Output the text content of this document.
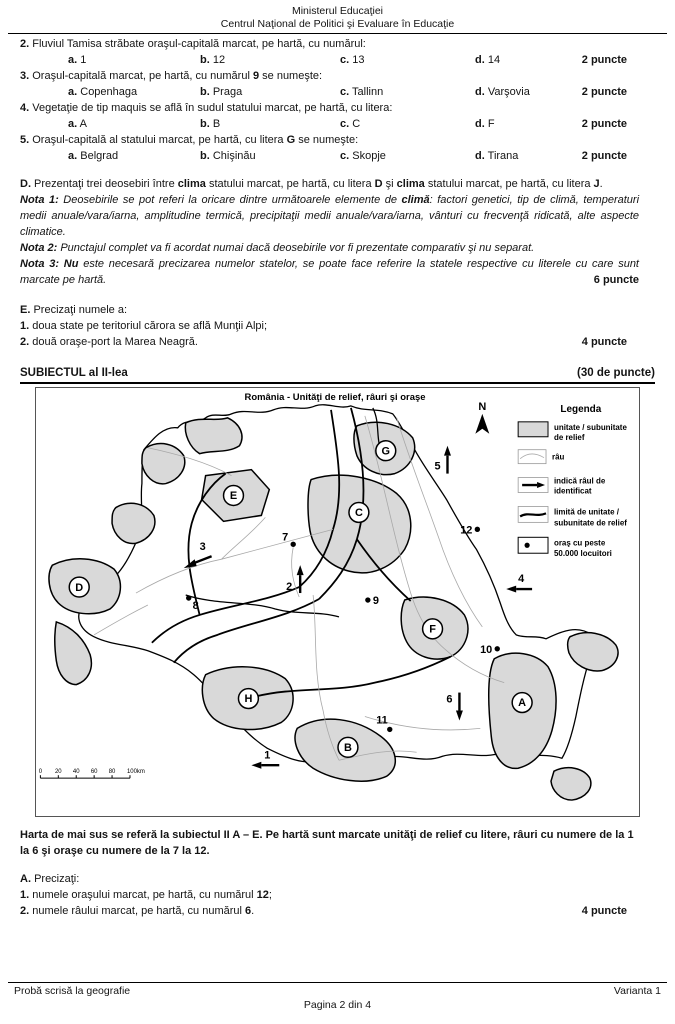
Ministerul Educaţiei
Centrul Naţional de Politici şi Evaluare în Educaţie
2. Fluviul Tamisa străbate oraşul-capitală marcat, pe hartă, cu numărul:
a. 1	b. 12	c. 13	d. 14	2 puncte
3. Oraşul-capitală marcat, pe hartă, cu numărul 9 se numeşte:
a. Copenhaga	b. Praga	c. Tallinn	d. Varşovia	2 puncte
4. Vegetaţie de tip maquis se află în sudul statului marcat, pe hartă, cu litera:
a. A	b. B	c. C	d. F	2 puncte
5. Oraşul-capitală al statului marcat, pe hartă, cu litera G se numeşte:
a. Belgrad	b. Chişinău	c. Skopje	d. Tirana	2 puncte

D. Prezentaţi trei deosebiri între clima statului marcat, pe hartă, cu litera D şi clima statului marcat, pe hartă, cu litera J.

Nota 1: Deosebirile se pot referi la oricare dintre următoarele elemente de climă: factori genetici, tip de climă, temperaturi medii anuale/vara/iarna, amplitudine termică, precipitaţii medii anuale/vara/iarna, vânturi cu frecvenţă ridicată, alte aspecte climatice.

Nota 2: Punctajul complet va fi acordat numai dacă deosebirile vor fi prezentate comparativ şi nu separat.

Nota 3: Nu este necesară precizarea numelor statelor, se poate face referire la statele respective cu literele cu care sunt marcate pe hartă.	6 puncte

E. Precizaţi numele a:

1. doua state pe teritoriul cărora se află Munţii Alpi;

2. două oraşe-port la Marea Neagră.	4 puncte
SUBIECTUL al II-lea	(30 de puncte)
România - Unităţi de relief, râuri şi oraşe
N	Legenda
unitate / subunitate
de relief
râu
indică râul de
identificat
limită de unitate /
subunitate de relief
oraş cu peste
50.000 locuitori
A
B
C
D
E
F
G
H
1
2
3
4
5
6
7
8	9
10
11
12
0 20 40 60 80 100km

Harta de mai sus se referă la subiectul II A – E. Pe hartă sunt marcate unităţi de relief cu litere, râuri cu numere de la 1 la 6 şi oraşe cu numere de la 7 la 12.

A. Precizaţi:

1. numele oraşului marcat, pe hartă, cu numărul 12;

2. numele râului marcat, pe hartă, cu numărul 6.	4 puncte
Probă scrisă la geografie	Varianta 1
Pagina 2 din 4
